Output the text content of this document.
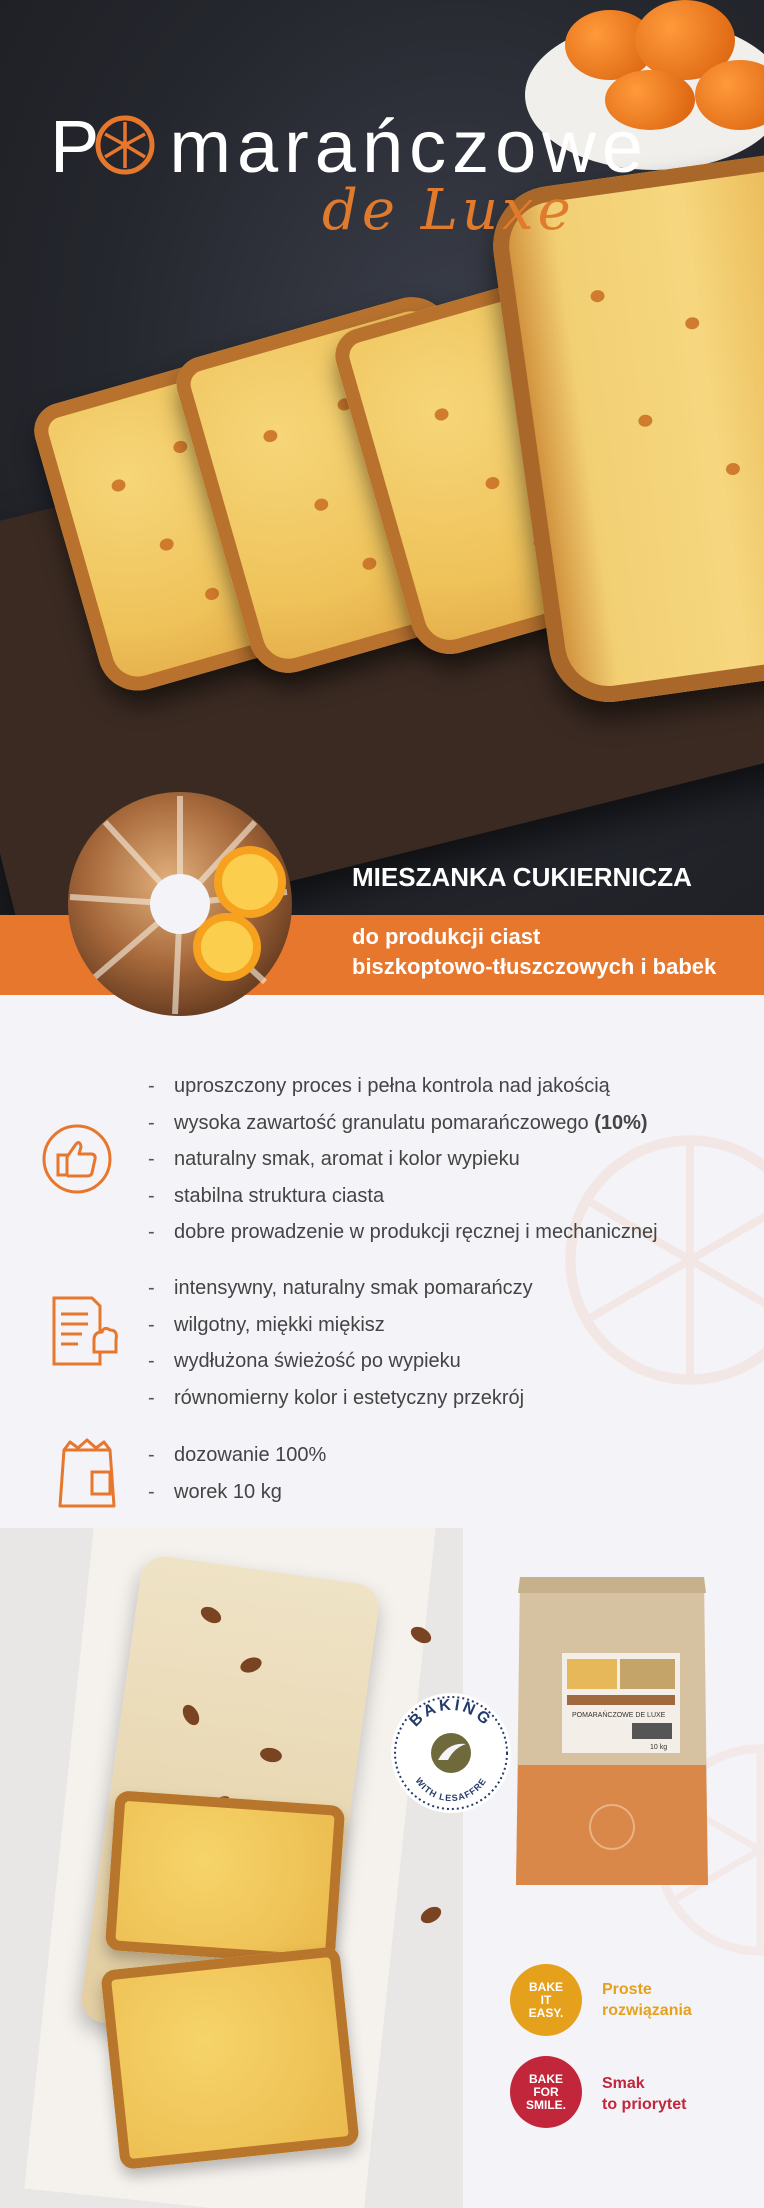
P marańczowe
de Luxe
MIESZANKA CUKIERNICZA
do produkcji ciast
biszkoptowo-tłuszczowych i babek
- uproszczony proces i pełna kontrola nad jakością
- wysoka zawartość granulatu pomarańczowego (10%)
- naturalny smak, aromat i kolor wypieku
- stabilna struktura ciasta
- dobre prowadzenie w produkcji ręcznej i mechanicznej
- intensywny, naturalny smak pomarańczy
- wilgotny, miękki miękisz
- wydłużona świeżość po wypieku
- równomierny kolor i estetyczny przekrój
- dozowanie 100%
- worek 10 kg
BAKING
WITH LESAFFRE
POMARAŃCZOWE DE LUXE
10 kg
BAKE
IT
EASY.
Proste
rozwiązania
BAKE
FOR
SMILE.
Smak
to priorytet
